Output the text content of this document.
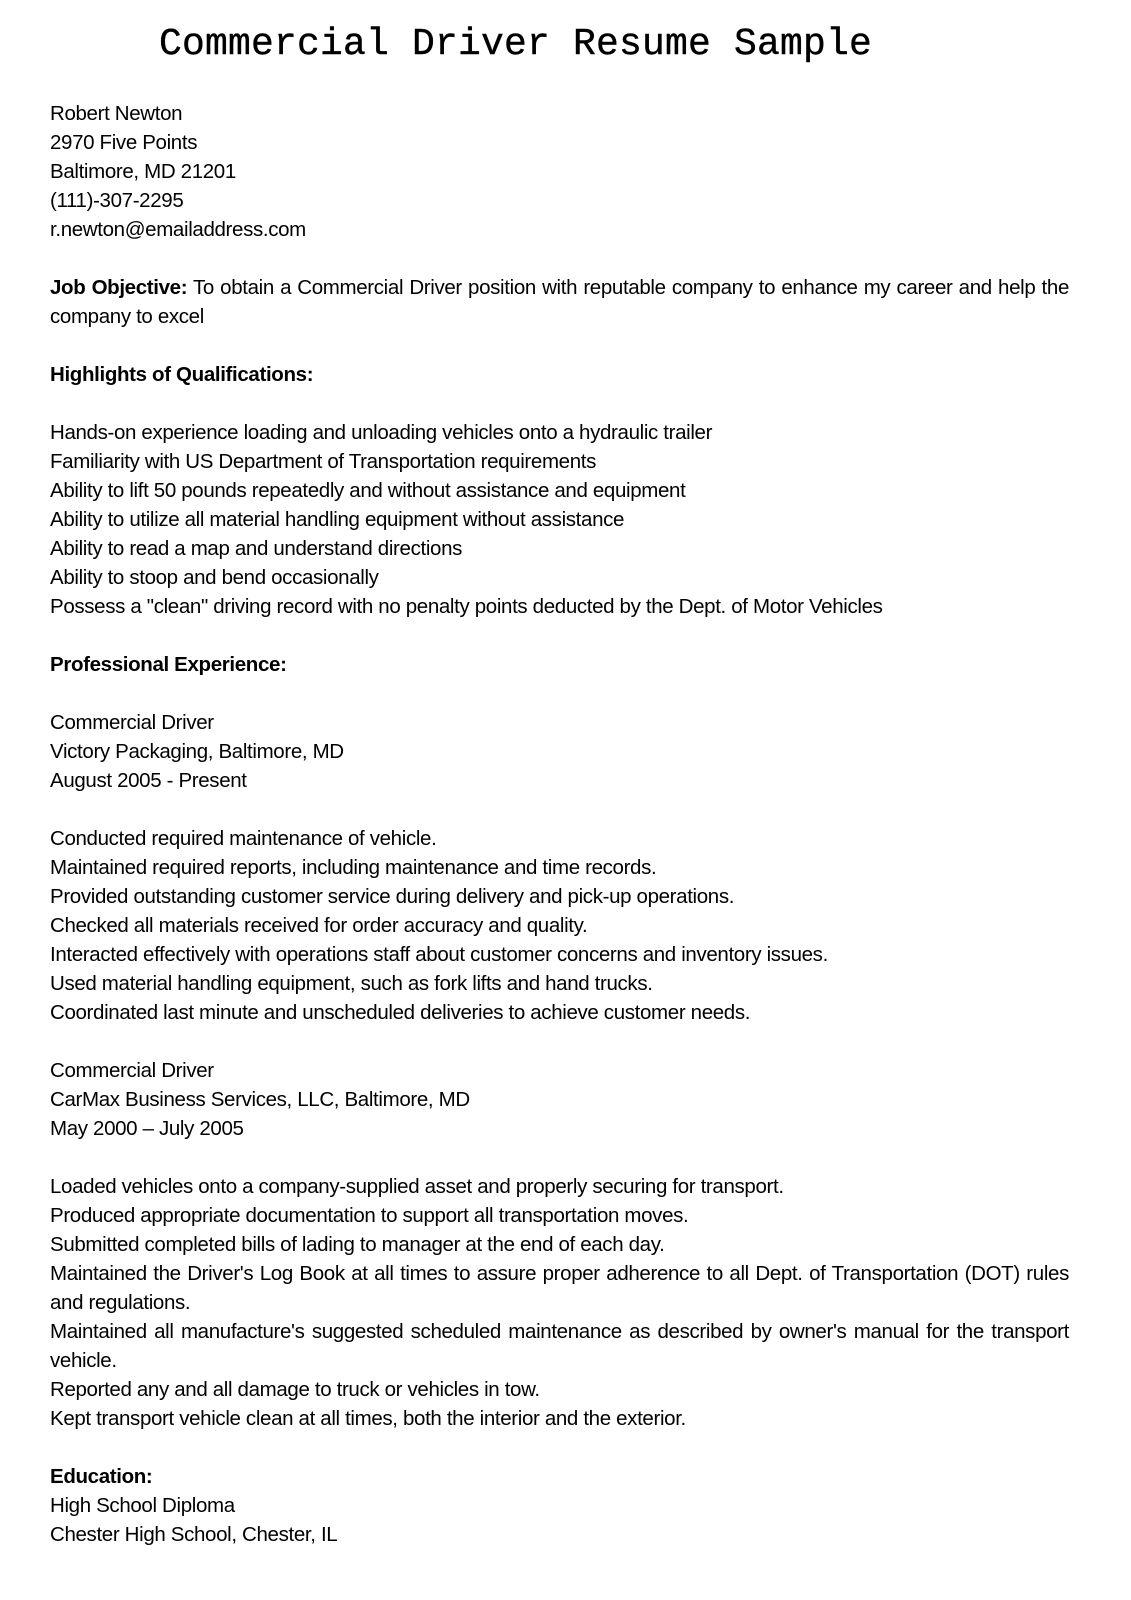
Commercial Driver Resume Sample
Robert Newton
2970 Five Points
Baltimore, MD 21201
(111)-307-2295
r.newton@emailaddress.com
Job Objective: To obtain a Commercial Driver position with reputable company to enhance my career and help the company to excel
Highlights of Qualifications:
Hands-on experience loading and unloading vehicles onto a hydraulic trailer
Familiarity with US Department of Transportation requirements
Ability to lift 50 pounds repeatedly and without assistance and equipment
Ability to utilize all material handling equipment without assistance
Ability to read a map and understand directions
Ability to stoop and bend occasionally
Possess a "clean" driving record with no penalty points deducted by the Dept. of Motor Vehicles
Professional Experience:
Commercial Driver
Victory Packaging, Baltimore, MD
August 2005 - Present
Conducted required maintenance of vehicle.
Maintained required reports, including maintenance and time records.
Provided outstanding customer service during delivery and pick-up operations.
Checked all materials received for order accuracy and quality.
Interacted effectively with operations staff about customer concerns and inventory issues.
Used material handling equipment, such as fork lifts and hand trucks.
Coordinated last minute and unscheduled deliveries to achieve customer needs.
Commercial Driver
CarMax Business Services, LLC, Baltimore, MD
May 2000 – July 2005
Loaded vehicles onto a company-supplied asset and properly securing for transport.
Produced appropriate documentation to support all transportation moves.
Submitted completed bills of lading to manager at the end of each day.
Maintained the Driver's Log Book at all times to assure proper adherence to all Dept. of Transportation (DOT) rules and regulations.
Maintained all manufacture's suggested scheduled maintenance as described by owner's manual for the transport vehicle.
Reported any and all damage to truck or vehicles in tow.
Kept transport vehicle clean at all times, both the interior and the exterior.
Education:
High School Diploma
Chester High School, Chester, IL
